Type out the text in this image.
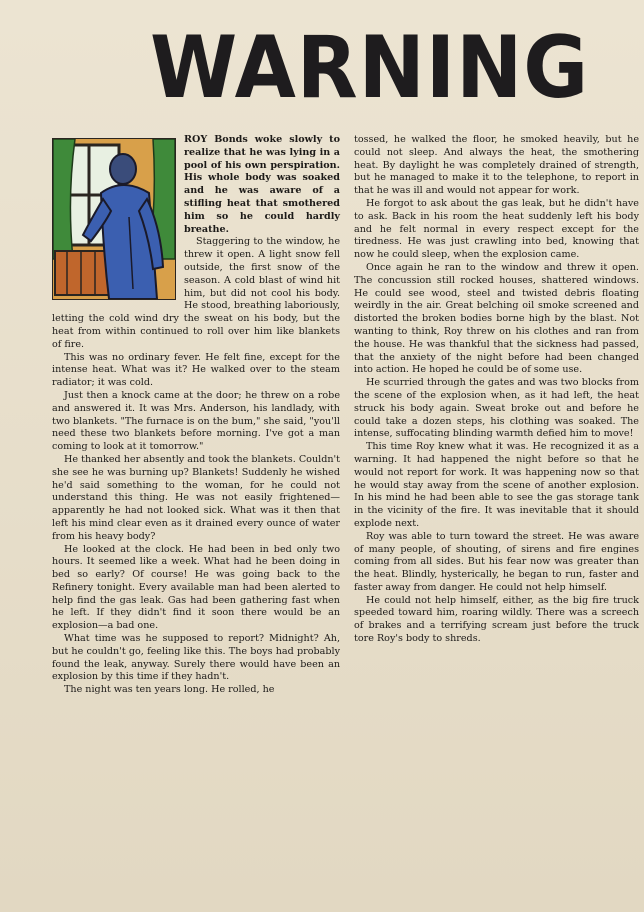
WARNING

ROY Bonds woke slowly to realize that he was lying in a pool of his own perspiration. His whole body was soaked and he was aware of a stifling heat that smothered him so he could hardly breathe.

Staggering to the window, he threw it open. A light snow fell outside, the first snow of the season. A cold blast of wind hit him, but did not cool his body. He stood, breathing laboriously, letting the cold wind dry the sweat on his body, but the heat from within continued to roll over him like blankets of fire.

This was no ordinary fever. He felt fine, except for the intense heat. What was it? He walked over to the steam radiator; it was cold.

Just then a knock came at the door; he threw on a robe and answered it. It was Mrs. Anderson, his landlady, with two blankets. "The furnace is on the bum," she said, "you'll need these two blankets before morning. I've got a man coming to look at it tomorrow."

He thanked her absently and took the blankets. Couldn't she see he was burning up? Blankets! Suddenly he wished he'd said something to the woman, for he could not understand this thing. He was not easily frightened—apparently he had not looked sick. What was it then that left his mind clear even as it drained every ounce of water from his heavy body?

He looked at the clock. He had been in bed only two hours. It seemed like a week. What had he been doing in bed so early? Of course! He was going back to the Refinery tonight. Every available man had been alerted to help find the gas leak. Gas had been gathering fast when he left. If they didn't find it soon there would be an explosion—a bad one.

What time was he supposed to report? Midnight? Ah, but he couldn't go, feeling like this. The boys had probably found the leak, anyway. Surely there would have been an explosion by this time if they hadn't.

The night was ten years long. He rolled, he

tossed, he walked the floor, he smoked heavily, but he could not sleep. And always the heat, the smothering heat. By daylight he was completely drained of strength, but he managed to make it to the telephone, to report in that he was ill and would not appear for work.

He forgot to ask about the gas leak, but he didn't have to ask. Back in his room the heat suddenly left his body and he felt normal in every respect except for the tiredness. He was just crawling into bed, knowing that now he could sleep, when the explosion came.

Once again he ran to the window and threw it open. The concussion still rocked houses, shattered windows. He could see wood, steel and twisted debris floating weirdly in the air. Great belching oil smoke screened and distorted the broken bodies borne high by the blast. Not wanting to think, Roy threw on his clothes and ran from the house. He was thankful that the sickness had passed, that the anxiety of the night before had been changed into action. He hoped he could be of some use.

He scurried through the gates and was two blocks from the scene of the explosion when, as it had left, the heat struck his body again. Sweat broke out and before he could take a dozen steps, his clothing was soaked. The intense, suffocating blinding warmth defied him to move!

This time Roy knew what it was. He recognized it as a warning. It had happened the night before so that he would not report for work. It was happening now so that he would stay away from the scene of another explosion. In his mind he had been able to see the gas storage tank in the vicinity of the fire. It was inevitable that it should explode next.

Roy was able to turn toward the street. He was aware of many people, of shouting, of sirens and fire engines coming from all sides. But his fear now was greater than the heat. Blindly, hysterically, he began to run, faster and faster away from danger. He could not help himself.

He could not help himself, either, as the big fire truck speeded toward him, roaring wildly. There was a screech of brakes and a terrifying scream just before the truck tore Roy's body to shreds.
